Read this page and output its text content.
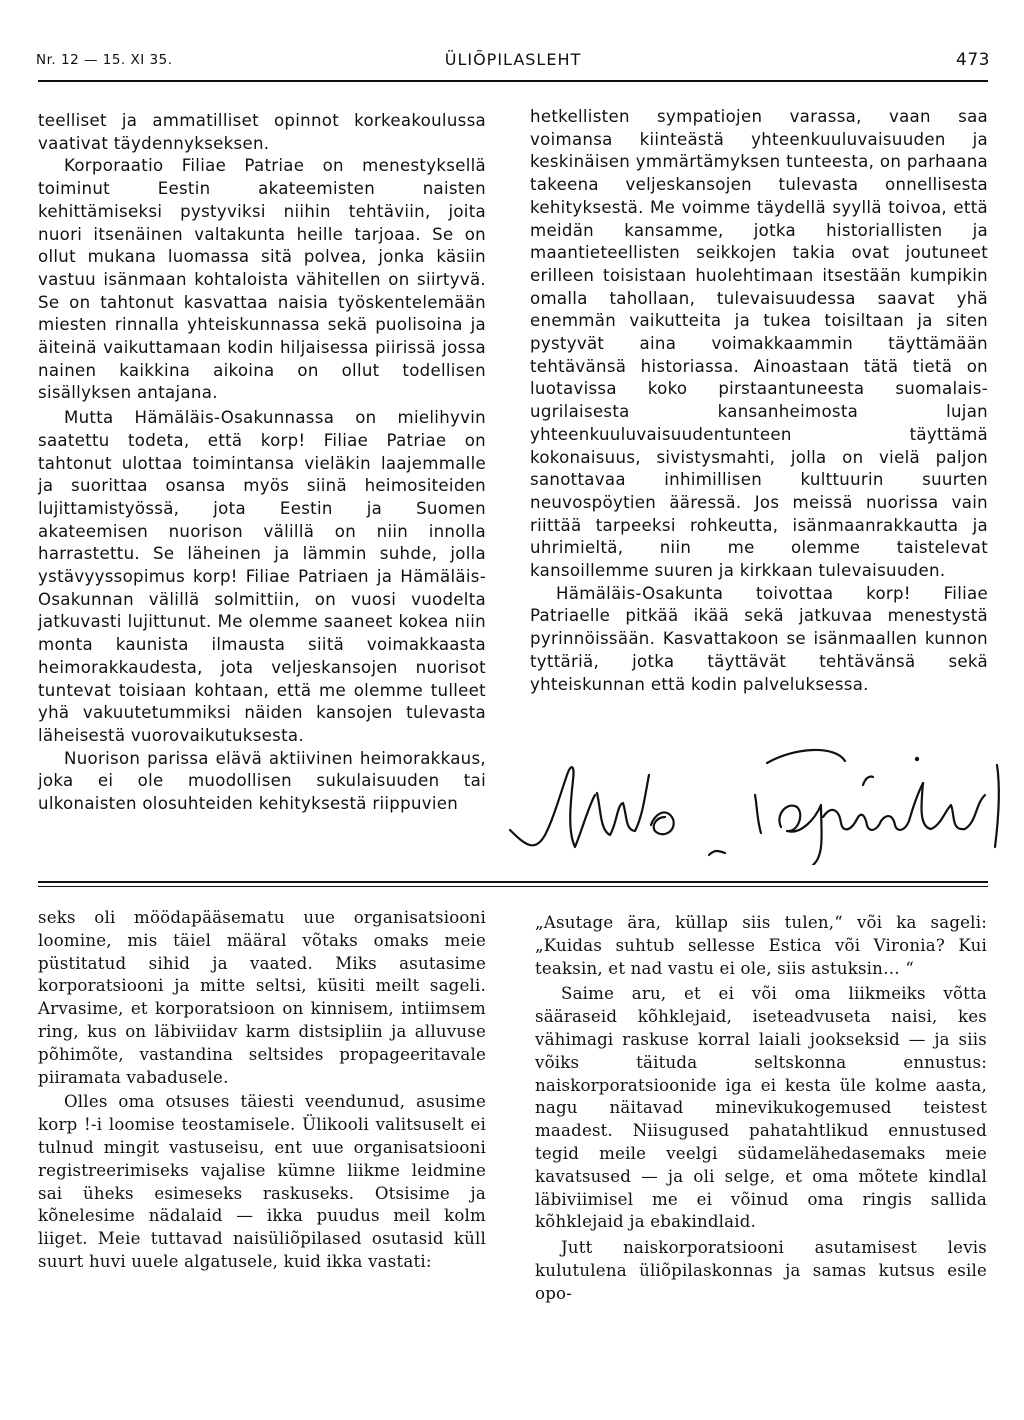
Nr. 12 — 15. XI 35.	ÜLIÕPILASLEHT	473

teelliset ja ammatilliset opinnot korkeakoulussa vaativat täydennykseksen.

Korporaatio Filiae Patriae on menestyksellä toiminut Eestin akateemisten naisten kehittämiseksi pystyviksi niihin tehtäviin, joita nuori itsenäinen valtakunta heille tarjoaa. Se on ollut mukana luomassa sitä polvea, jonka käsiin vastuu isänmaan kohtaloista vähitellen on siirtyvä. Se on tahtonut kasvattaa naisia työskentelemään miesten rinnalla yhteiskunnassa sekä puolisoina ja äiteinä vaikuttamaan kodin hiljaisessa piirissä jossa nainen kaikkina aikoina on ollut todellisen sisällyksen antajana.

Mutta Hämäläis-Osakunnassa on mielihyvin saatettu todeta, että korp! Filiae Patriae on tahtonut ulottaa toimintansa vieläkin laajemmalle ja suorittaa osansa myös siinä heimositeiden lujittamistyössä, jota Eestin ja Suomen akateemisen nuorison välillä on niin innolla harrastettu. Se läheinen ja lämmin suhde, jolla ystävyyssopimus korp! Filiae Patriaen ja Hämäläis-Osakunnan välillä solmittiin, on vuosi vuodelta jatkuvasti lujittunut. Me olemme saaneet kokea niin monta kaunista ilmausta siitä voimakkaasta heimorakkaudesta, jota veljeskansojen nuorisot tuntevat toisiaan kohtaan, että me olemme tulleet yhä vakuutetummiksi näiden kansojen tulevasta läheisestä vuorovaikutuksesta.

Nuorison parissa elävä aktiivinen heimorakkaus, joka ei ole muodollisen sukulaisuuden tai ulkonaisten olosuhteiden kehityksestä riippuvien

hetkellisten sympatiojen varassa, vaan saa voimansa kiinteästä yhteenkuuluvaisuuden ja keskinäisen ymmärtämyksen tunteesta, on parhaana takeena veljeskansojen tulevasta onnellisesta kehityksestä. Me voimme täydellä syyllä toivoa, että meidän kansamme, jotka historiallisten ja maantieteellisten seikkojen takia ovat joutuneet erilleen toisistaan huolehtimaan itsestään kumpikin omalla tahollaan, tulevaisuudessa saavat yhä enemmän vaikutteita ja tukea toisiltaan ja siten pystyvät aina voimakkaammin täyttämään tehtävänsä historiassa. Ainoastaan tätä tietä on luotavissa koko pirstaantuneesta suomalais-ugrilaisesta kansanheimosta lujan yhteenkuuluvaisuudentunteen täyttämä kokonaisuus, sivistysmahti, jolla on vielä paljon sanottavaa inhimillisen kulttuurin suurten neuvospöytien ääressä. Jos meissä nuorissa vain riittää tarpeeksi rohkeutta, isänmaanrakkautta ja uhrimieltä, niin me olemme taistelevat kansoillemme suuren ja kirkkaan tulevaisuuden.

Hämäläis-Osakunta toivottaa korp! Filiae Patriaelle pitkää ikää sekä jatkuvaa menestystä pyrinnöissään. Kasvattakoon se isänmaallen kunnon tyttäriä, jotka täyttävät tehtävänsä sekä yhteiskunnan että kodin palveluksessa.

seks oli möödapääsematu uue organisatsiooni loomine, mis täiel määral võtaks omaks meie püstitatud sihid ja vaated. Miks asutasime korporatsiooni ja mitte seltsi, küsiti meilt sageli. Arvasime, et korporatsioon on kinnisem, intiimsem ring, kus on läbiviidav karm distsipliin ja alluvuse põhimõte, vastandina seltsides propageeritavale piiramata vabadusele.

Olles oma otsuses täiesti veendunud, asusime korp !-i loomise teostamisele. Ülikooli valitsuselt ei tulnud mingit vastuseisu, ent uue organisatsiooni registreerimiseks vajalise kümne liikme leidmine sai üheks esimeseks raskuseks. Otsisime ja kõnelesime nädalaid — ikka puudus meil kolm liiget. Meie tuttavad naisüliõpilased osutasid küll suurt huvi uuele algatusele, kuid ikka vastati:

„Asutage ära, küllap siis tulen,“ või ka sageli: „Kuidas suhtub sellesse Estica või Vironia? Kui teaksin, et nad vastu ei ole, siis astuksin… “

Saime aru, et ei või oma liikmeiks võtta sääraseid kõhklejaid, iseteadvuseta naisi, kes vähimagi raskuse korral laiali jookseksid — ja siis võiks täituda seltskonna ennustus: naiskorporatsioonide iga ei kesta üle kolme aasta, nagu näitavad minevikukogemused teistest maadest. Niisugused pahatahtlikud ennustused tegid meile veelgi südamelähedasemaks meie kavatsused — ja oli selge, et oma mõtete kindlal läbiviimisel me ei võinud oma ringis sallida kõhklejaid ja ebakindlaid.

Jutt naiskorporatsiooni asutamisest levis kulutulena üliõpilaskonnas ja samas kutsus esile opo-
